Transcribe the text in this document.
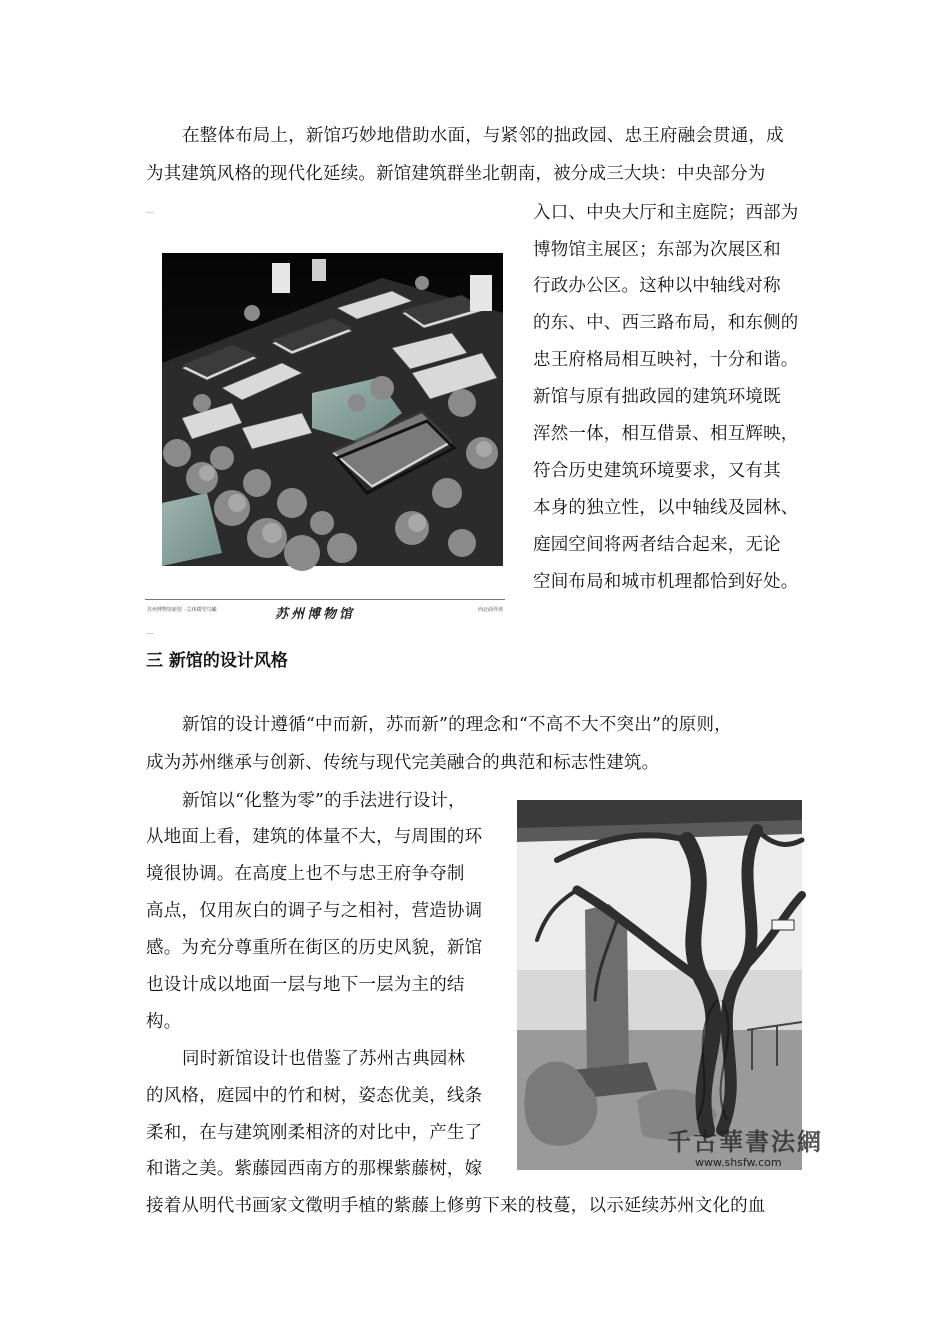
在整体布局上，新馆巧妙地借助水面，与紧邻的拙政园、忠王府融会贯通，成
为其建筑风格的现代化延续。新馆建筑群坐北朝南，被分成三大块：中央部分为
入口、中央大厅和主庭院；西部为
博物馆主展区；东部为次展区和
行政办公区。这种以中轴线对称
的东、中、西三路布局，和东侧的
忠王府格局相互映衬，十分和谐。
新馆与原有拙政园的建筑环境既
浑然一体，相互借景、相互辉映，
符合历史建筑环境要求，又有其
本身的独立性，以中轴线及园林、
庭园空间将两者结合起来，无论
空间布局和城市机理都恰到好处。
苏州博物馆新馆 · 总体模型鸟瞰	苏州博物馆	西北面外观
三 新馆的设计风格
新馆的设计遵循“中而新，苏而新”的理念和“不高不大不突出”的原则，
成为苏州继承与创新、传统与现代完美融合的典范和标志性建筑。
新馆以“化整为零”的手法进行设计，
从地面上看，建筑的体量不大，与周围的环
境很协调。在高度上也不与忠王府争夺制
高点，仅用灰白的调子与之相衬，营造协调
感。为充分尊重所在街区的历史风貌，新馆
也设计成以地面一层与地下一层为主的结
构。
同时新馆设计也借鉴了苏州古典园林
的风格，庭园中的竹和树，姿态优美，线条
柔和，在与建筑刚柔相济的对比中，产生了
和谐之美。紫藤园西南方的那棵紫藤树，嫁
千古華書法網
www.shsfw.com
接着从明代书画家文徵明手植的紫藤上修剪下来的枝蔓，以示延续苏州文化的血
